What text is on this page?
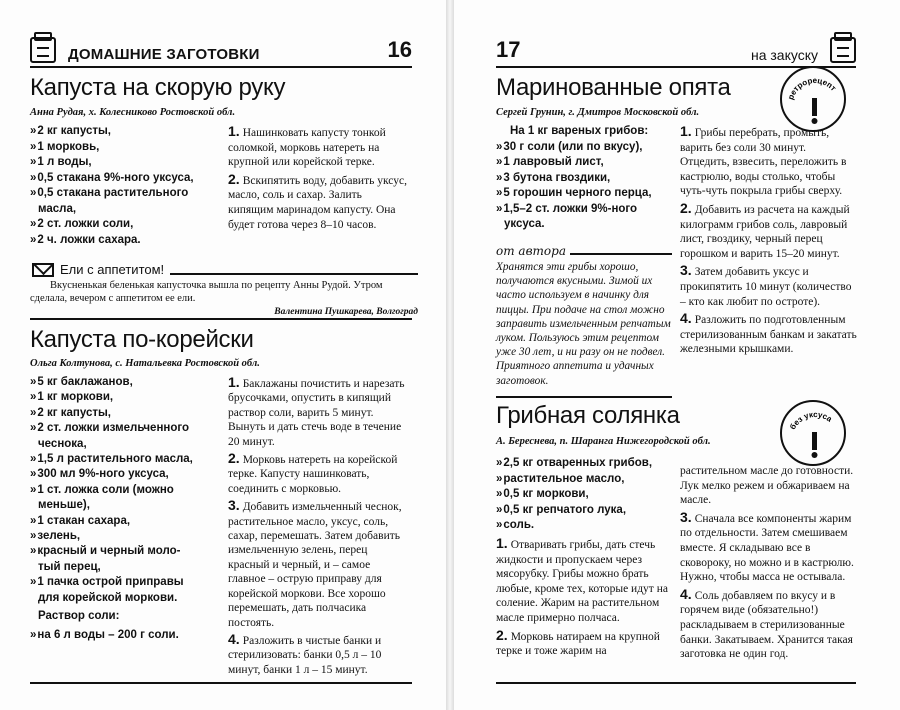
ДОМАШНИЕ ЗАГОТОВКИ	16
Капуста на скорую руку
Анна Рудая, х. Колесниково Ростовской обл.
» 2 кг капусты,
» 1 морковь,
» 1 л воды,
» 0,5 стакана 9%-ного уксуса,
» 0,5 стакана растительного
масла,
» 2 ст. ложки соли,
» 2 ч. ложки сахара.
1. Нашинковать капусту тонкой соломкой, морковь натереть на крупной или корейской терке.
2. Вскипятить воду, добавить уксус, масло, соль и сахар. Залить кипящим маринадом капусту. Она будет готова через 8–10 часов.
Ели с аппетитом!
Вкусненькая беленькая капусточка вышла по рецепту Анны Рудой. Утром сделала, вечером с аппетитом ее ели.
Валентина Пушкарева, Волгоград
Капуста по-корейски
Ольга Колтунова, с. Натальевка Ростовской обл.
» 5 кг баклажанов,
» 1 кг моркови,
» 2 кг капусты,
» 2 ст. ложки измельченного
чеснока,
» 1,5 л растительного масла,
» 300 мл 9%-ного уксуса,
» 1 ст. ложка соли (можно
меньше),
» 1 стакан сахара,
» зелень,
» красный и черный моло-
тый перец,
» 1 пачка острой приправы
для корейской моркови.
Раствор соли:
» на 6 л воды – 200 г соли.
1. Баклажаны почистить и нарезать брусочками, опустить в кипящий раствор соли, варить 5 минут. Вынуть и дать стечь воде в течение 20 минут.
2. Морковь натереть на корейской терке. Капусту нашинковать, соединить с морковью.
3. Добавить измельченный чеснок, растительное масло, уксус, соль, сахар, перемешать. Затем добавить измельченную зелень, перец красный и черный, и – самое главное – острую приправу для корейской моркови. Все хорошо перемешать, дать полчасика постоять.
4. Разложить в чистые банки и стерилизовать: банки 0,5 л – 10 минут, банки 1 л – 15 минут.
17	на закуску
Маринованные опята	ретрорецепт
Сергей Грунин, г. Дмитров Московской обл.
На 1 кг вареных грибов:
» 30 г соли (или по вкусу),
» 1 лавровый лист,
» 3 бутона гвоздики,
» 5 горошин черного перца,
» 1,5–2 ст. ложки 9%-ного
уксуса.
от автора
Хранятся эти грибы хорошо, получаются вкусными. Зимой их часто используем в начинку для пиццы. При подаче на стол можно заправить измельченным репчатым луком. Пользуюсь этим рецептом уже 30 лет, и ни разу он не подвел. Приятного аппетита и удачных заготовок.
1. Грибы перебрать, промыть, варить без соли 30 минут. Отцедить, взвесить, переложить в кастрюлю, воды столько, чтобы чуть-чуть покрыла грибы сверху.
2. Добавить из расчета на каждый килограмм грибов соль, лавровый лист, гвоздику, черный перец горошком и варить 15–20 минут.
3. Затем добавить уксус и прокипятить 10 минут (количество – кто как любит по остроте).
4. Разложить по подготовленным стерилизованным банкам и закатать железными крышками.
Грибная солянка	без уксуса
А. Береснева, п. Шаранга Нижегородской обл.
» 2,5 кг отваренных грибов,
» растительное масло,
» 0,5 кг моркови,
» 0,5 кг репчатого лука,
» соль.
1. Отваривать грибы, дать стечь жидкости и пропускаем через мясорубку. Грибы можно брать любые, кроме тех, которые идут на соление. Жарим на растительном масле примерно полчаса.
2. Морковь натираем на крупной терке и тоже жарим на
растительном масле до готовности. Лук мелко режем и обжариваем на масле.
3. Сначала все компоненты жарим по отдельности. Затем смешиваем вместе. Я складываю все в сковороку, но можно и в кастрюлю. Нужно, чтобы масса не остывала.
4. Соль добавляем по вкусу и в горячем виде (обязательно!) раскладываем в стерилизованные банки. Закатываем. Хранится такая заготовка не один год.
